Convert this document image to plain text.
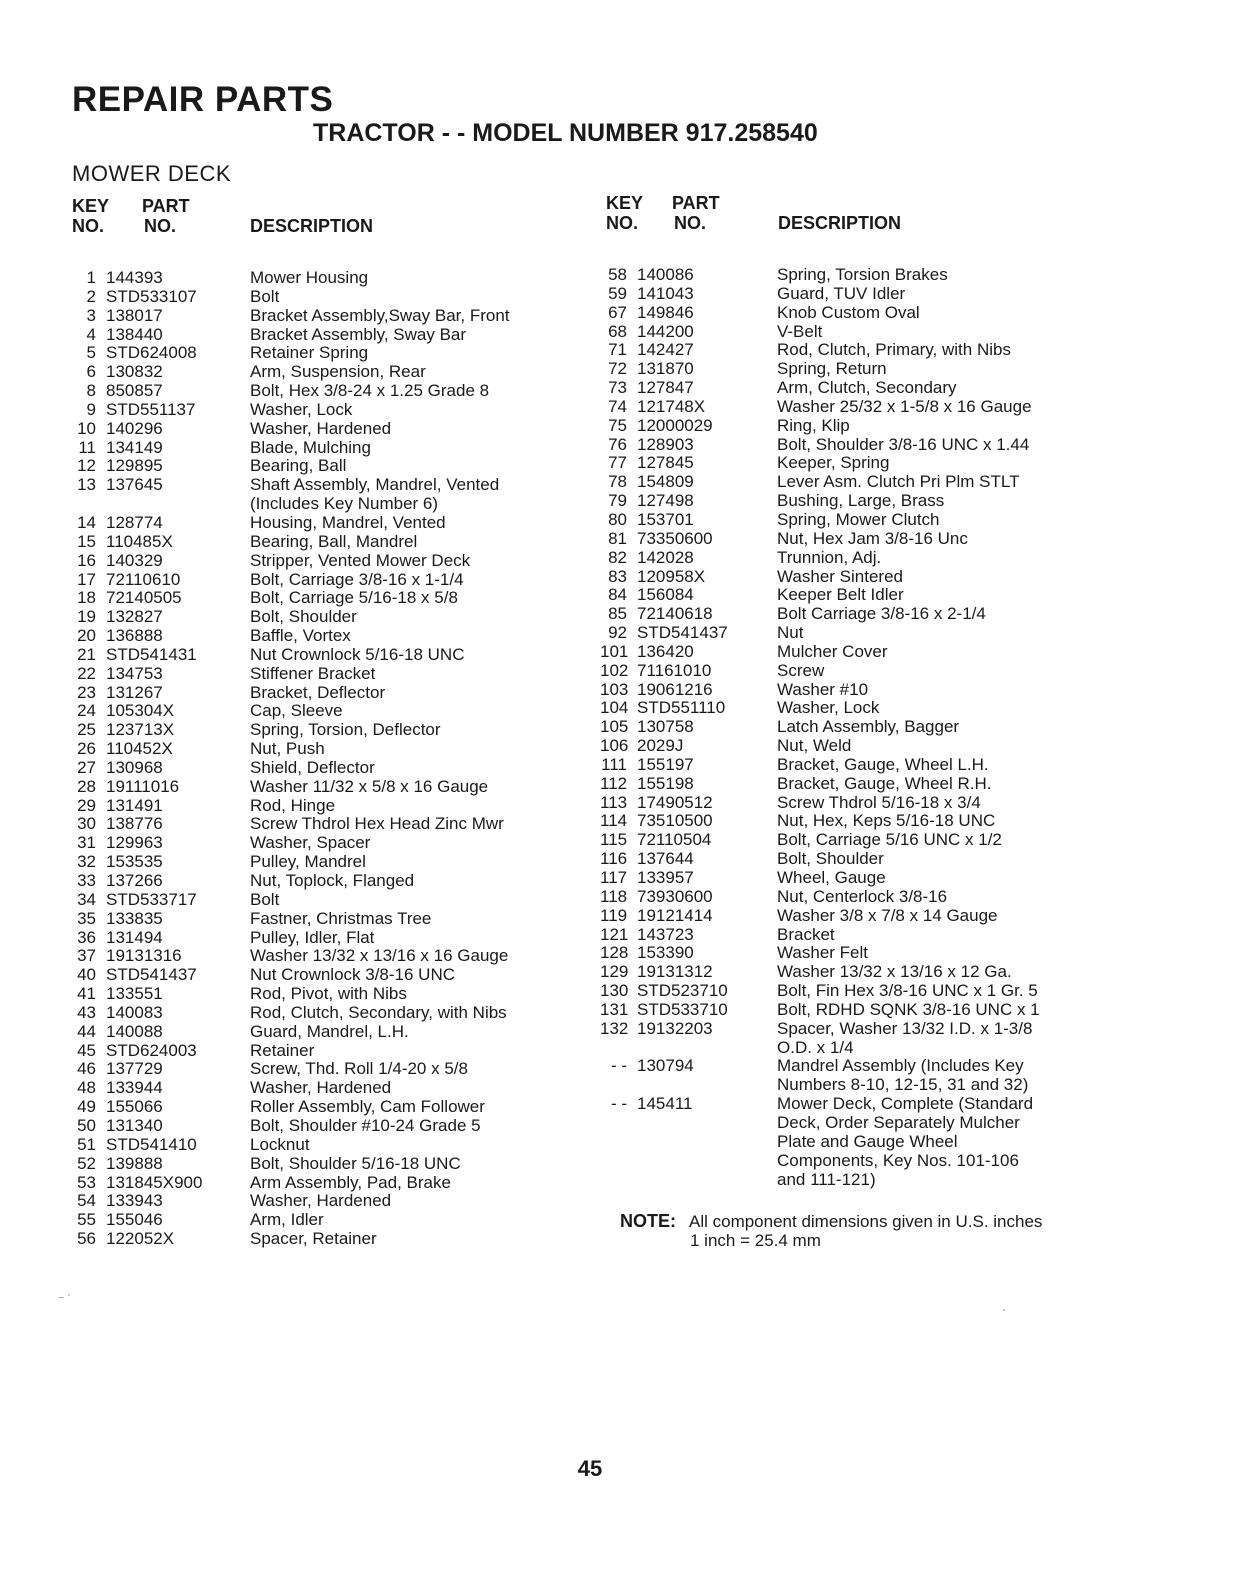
REPAIR PARTS
TRACTOR - - MODEL NUMBER 917.258540
MOWER DECK
KEY
NO.
PART
NO.	DESCRIPTION
KEY
NO.
PART
NO.	DESCRIPTION
1 144393	Mower Housing
2 STD533107	Bolt
3 138017	Bracket Assembly,Sway Bar, Front
4 138440	Bracket Assembly, Sway Bar
5 STD624008	Retainer Spring
6 130832	Arm, Suspension, Rear
8 850857	Bolt, Hex 3/8-24 x 1.25 Grade 8
9 STD551137	Washer, Lock
10 140296	Washer, Hardened
11 134149	Blade, Mulching
12 129895	Bearing, Ball
13 137645	Shaft Assembly, Mandrel, Vented
(Includes Key Number 6)
14 128774	Housing, Mandrel, Vented
15 110485X	Bearing, Ball, Mandrel
16 140329	Stripper, Vented Mower Deck
17 72110610	Bolt, Carriage 3/8-16 x 1-1/4
18 72140505	Bolt, Carriage 5/16-18 x 5/8
19 132827	Bolt, Shoulder
20 136888	Baffle, Vortex
21 STD541431	Nut Crownlock 5/16-18 UNC
22 134753	Stiffener Bracket
23 131267	Bracket, Deflector
24 105304X	Cap, Sleeve
25 123713X	Spring, Torsion, Deflector
26 110452X	Nut, Push
27 130968	Shield, Deflector
28 19111016	Washer 11/32 x 5/8 x 16 Gauge
29 131491	Rod, Hinge
30 138776	Screw Thdrol Hex Head Zinc Mwr
31 129963	Washer, Spacer
32 153535	Pulley, Mandrel
33 137266	Nut, Toplock, Flanged
34 STD533717	Bolt
35 133835	Fastner, Christmas Tree
36 131494	Pulley, Idler, Flat
37 19131316	Washer 13/32 x 13/16 x 16 Gauge
40 STD541437	Nut Crownlock 3/8-16 UNC
41 133551	Rod, Pivot, with Nibs
43 140083	Rod, Clutch, Secondary, with Nibs
44 140088	Guard, Mandrel, L.H.
45 STD624003	Retainer
46 137729	Screw, Thd. Roll 1/4-20 x 5/8
48 133944	Washer, Hardened
49 155066	Roller Assembly, Cam Follower
50 131340	Bolt, Shoulder #10-24 Grade 5
51 STD541410	Locknut
52 139888	Bolt, Shoulder 5/16-18 UNC
53 131845X900	Arm Assembly, Pad, Brake
54 133943	Washer, Hardened
55 155046	Arm, Idler
56 122052X	Spacer, Retainer
58 140086	Spring, Torsion Brakes
59 141043	Guard, TUV Idler
67 149846	Knob Custom Oval
68 144200	V-Belt
71 142427	Rod, Clutch, Primary, with Nibs
72 131870	Spring, Return
73 127847	Arm, Clutch, Secondary
74 121748X	Washer 25/32 x 1-5/8 x 16 Gauge
75 12000029	Ring, Klip
76 128903	Bolt, Shoulder 3/8-16 UNC x 1.44
77 127845	Keeper, Spring
78 154809	Lever Asm. Clutch Pri Plm STLT
79 127498	Bushing, Large, Brass
80 153701	Spring, Mower Clutch
81 73350600	Nut, Hex Jam 3/8-16 Unc
82 142028	Trunnion, Adj.
83 120958X	Washer Sintered
84 156084	Keeper Belt Idler
85 72140618	Bolt Carriage 3/8-16 x 2-1/4
92 STD541437	Nut
101 136420	Mulcher Cover
102 71161010	Screw
103 19061216	Washer #10
104 STD551110	Washer, Lock
105 130758	Latch Assembly, Bagger
106 2029J	Nut, Weld
111 155197	Bracket, Gauge, Wheel L.H.
112 155198	Bracket, Gauge, Wheel R.H.
113 17490512	Screw Thdrol 5/16-18 x 3/4
114 73510500	Nut, Hex, Keps 5/16-18 UNC
115 72110504	Bolt, Carriage 5/16 UNC x 1/2
116 137644	Bolt, Shoulder
117 133957	Wheel, Gauge
118 73930600	Nut, Centerlock 3/8-16
119 19121414	Washer 3/8 x 7/8 x 14 Gauge
121 143723	Bracket
128 153390	Washer Felt
129 19131312	Washer 13/32 x 13/16 x 12 Ga.
130 STD523710	Bolt, Fin Hex 3/8-16 UNC x 1 Gr. 5
131 STD533710	Bolt, RDHD SQNK 3/8-16 UNC x 1
132 19132203	Spacer, Washer 13/32 I.D. x 1-3/8
O.D. x 1/4
- - 130794	Mandrel Assembly (Includes Key
Numbers 8-10, 12-15, 31 and 32)
- - 145411	Mower Deck, Complete (Standard
Deck, Order Separately Mulcher
Plate and Gauge Wheel
Components, Key Nos. 101-106
and 111-121)
NOTE: All component dimensions given in U.S. inches
1 inch = 25.4 mm
45
⁻ ˙
·
